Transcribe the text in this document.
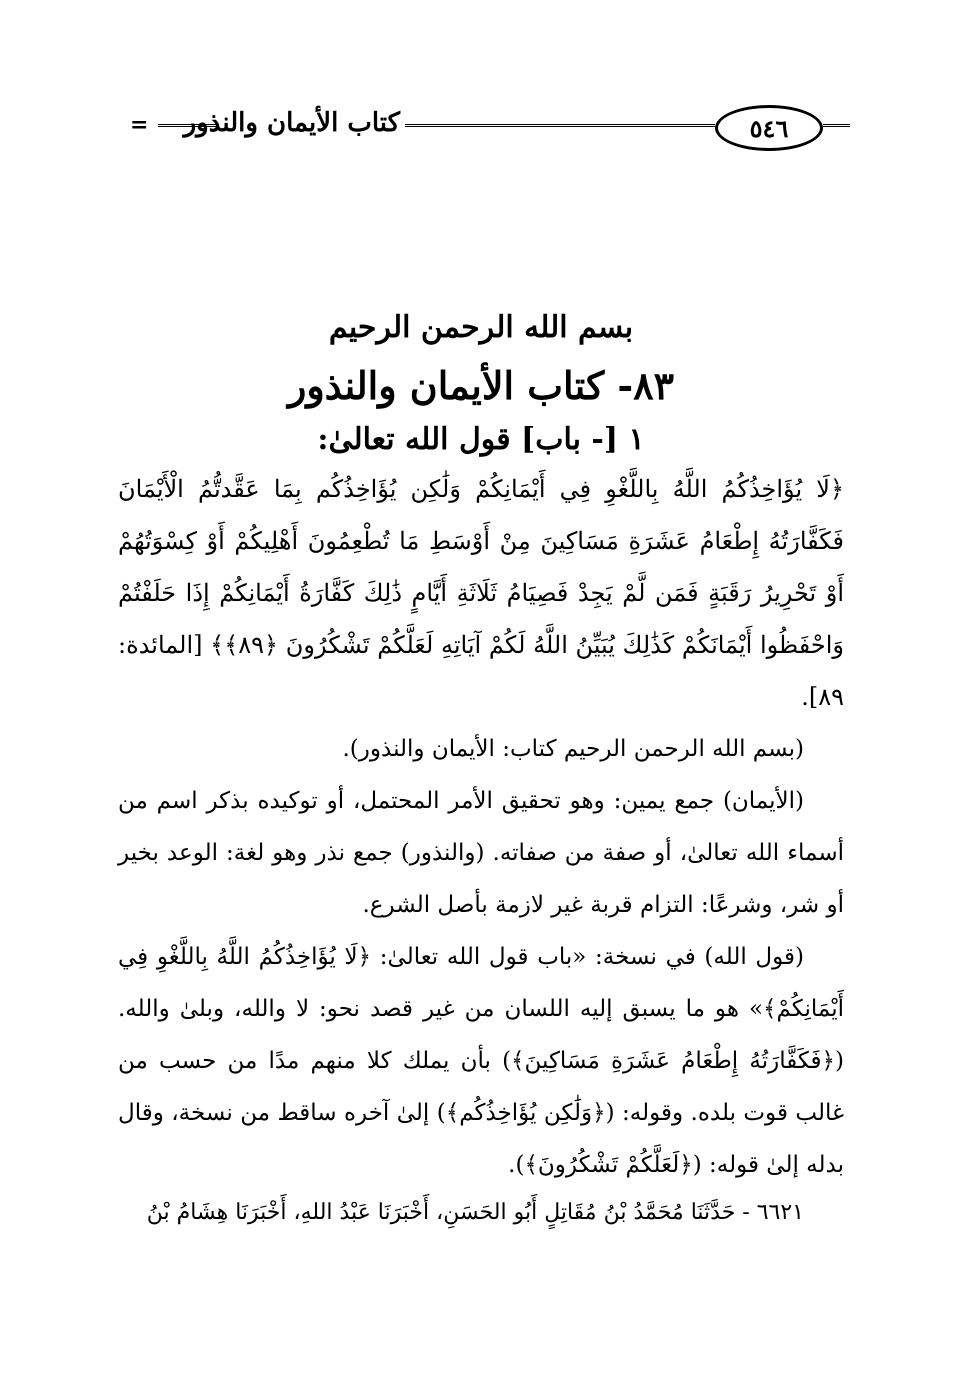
= كتاب الأيمان والنذور	٥٤٦

بسم الله الرحمن الرحيم

٨٣- كتاب الأيمان والنذور

١ [- باب] قول الله تعالىٰ:

﴿لَا يُؤَاخِذُكُمُ اللَّهُ بِاللَّغْوِ فِي أَيْمَانِكُمْ وَلَٰكِن يُؤَاخِذُكُم بِمَا عَقَّدتُّمُ الْأَيْمَانَ فَكَفَّارَتُهُ إِطْعَامُ عَشَرَةِ مَسَاكِينَ مِنْ أَوْسَطِ مَا تُطْعِمُونَ أَهْلِيكُمْ أَوْ كِسْوَتُهُمْ أَوْ تَحْرِيرُ رَقَبَةٍ فَمَن لَّمْ يَجِدْ فَصِيَامُ ثَلَاثَةِ أَيَّامٍ ذَٰلِكَ كَفَّارَةُ أَيْمَانِكُمْ إِذَا حَلَفْتُمْ وَاحْفَظُوا أَيْمَانَكُمْ كَذَٰلِكَ يُبَيِّنُ اللَّهُ لَكُمْ آيَاتِهِ لَعَلَّكُمْ تَشْكُرُونَ ﴿٨٩﴾﴾ [المائدة: ٨٩].

(بسم الله الرحمن الرحيم كتاب: الأيمان والنذور).

(الأيمان) جمع يمين: وهو تحقيق الأمر المحتمل، أو توكيده بذكر اسم من أسماء الله تعالىٰ، أو صفة من صفاته. (والنذور) جمع نذر وهو لغة: الوعد بخير أو شر، وشرعًا: التزام قربة غير لازمة بأصل الشرع.

(قول الله) في نسخة: «باب قول الله تعالىٰ: ﴿لَا يُؤَاخِذُكُمُ اللَّهُ بِاللَّغْوِ فِي أَيْمَانِكُمْ﴾» هو ما يسبق إليه اللسان من غير قصد نحو: لا والله، وبلىٰ والله. (﴿فَكَفَّارَتُهُ إِطْعَامُ عَشَرَةِ مَسَاكِينَ﴾) بأن يملك كلا منهم مدًا من حسب من غالب قوت بلده. وقوله: (﴿وَلَٰكِن يُؤَاخِذُكُم﴾) إلىٰ آخره ساقط من نسخة، وقال بدله إلىٰ قوله: (﴿لَعَلَّكُمْ تَشْكُرُونَ﴾).

٦٦٢١ - حَدَّثَنَا مُحَمَّدُ بْنُ مُقَاتِلٍ أَبُو الحَسَنِ، أَخْبَرَنَا عَبْدُ اللهِ، أَخْبَرَنَا هِشَامُ بْنُ
